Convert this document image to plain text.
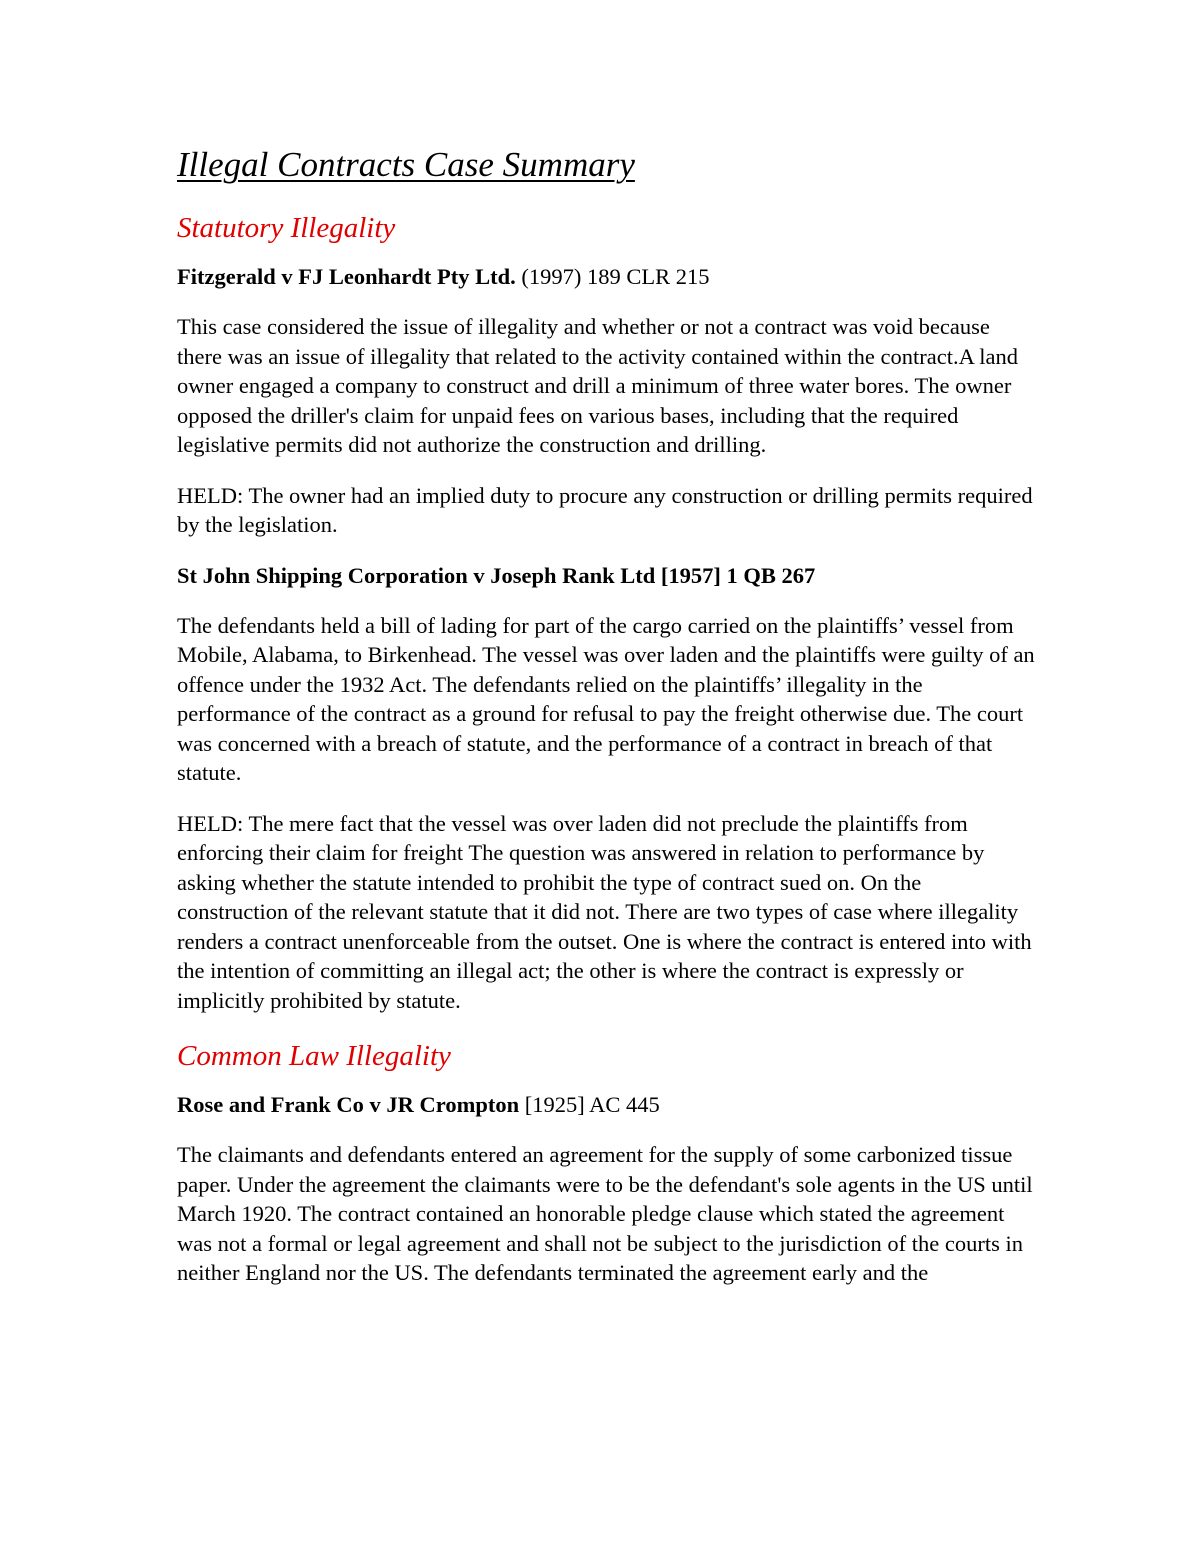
Illegal Contracts Case Summary
Statutory Illegality
Fitzgerald v FJ Leonhardt Pty Ltd. (1997) 189 CLR 215

This case considered the issue of illegality and whether or not a contract was void because there was an issue of illegality that related to the activity contained within the contract.A land owner engaged a company to construct and drill a minimum of three water bores. The owner opposed the driller's claim for unpaid fees on various bases, including that the required legislative permits did not authorize the construction and drilling.

HELD: The owner had an implied duty to procure any construction or drilling permits required by the legislation.

St John Shipping Corporation v Joseph Rank Ltd [1957] 1 QB 267

The defendants held a bill of lading for part of the cargo carried on the plaintiffs’ vessel from Mobile, Alabama, to Birkenhead. The vessel was over laden and the plaintiffs were guilty of an offence under the 1932 Act. The defendants relied on the plaintiffs’ illegality in the performance of the contract as a ground for refusal to pay the freight otherwise due. The court was concerned with a breach of statute, and the performance of a contract in breach of that statute.

HELD: The mere fact that the vessel was over laden did not preclude the plaintiffs from enforcing their claim for freight The question was answered in relation to performance by asking whether the statute intended to prohibit the type of contract sued on. On the construction of the relevant statute that it did not. There are two types of case where illegality renders a contract unenforceable from the outset. One is where the contract is entered into with the intention of committing an illegal act; the other is where the contract is expressly or implicitly prohibited by statute.

Common Law Illegality
Rose and Frank Co v JR Crompton [1925] AC 445

The claimants and defendants entered an agreement for the supply of some carbonized tissue paper. Under the agreement the claimants were to be the defendant's sole agents in the US until March 1920. The contract contained an honorable pledge clause which stated the agreement was not a formal or legal agreement and shall not be subject to the jurisdiction of the courts in neither England nor the US. The defendants terminated the agreement early and the
